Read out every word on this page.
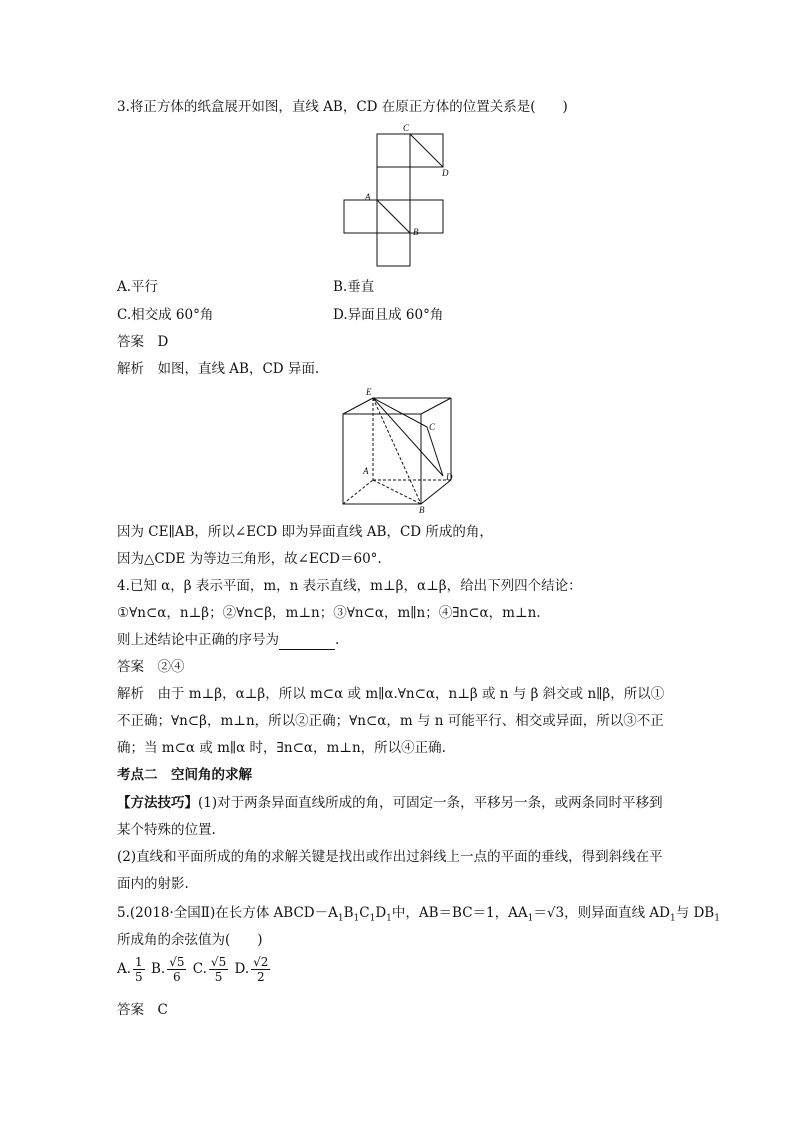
3.将正方体的纸盒展开如图，直线 AB，CD 在原正方体的位置关系是(　　)
C
D
A
B
A.平行	B.垂直
C.相交成 60°角	D.异面且成 60°角
答案　D
解析　如图，直线 AB，CD 异面.
E
C
A
D
B
因为 CE∥AB，所以∠ECD 即为异面直线 AB，CD 所成的角，
因为△CDE 为等边三角形，故∠ECD＝60°.
4.已知 α，β 表示平面，m，n 表示直线，m⊥β，α⊥β，给出下列四个结论：
①∀n⊂α，n⊥β；②∀n⊂β，m⊥n；③∀n⊂α，m∥n；④∃n⊂α，m⊥n.
则上述结论中正确的序号为	.
答案　②④
解析　由于 m⊥β，α⊥β，所以 m⊂α 或 m∥α.∀n⊂α，n⊥β 或 n 与 β 斜交或 n∥β，所以①
不正确；∀n⊂β，m⊥n，所以②正确；∀n⊂α，m 与 n 可能平行、相交或异面，所以③不正
确；当 m⊂α 或 m∥α 时，∃n⊂α，m⊥n，所以④正确.
考点二　空间角的求解
【方法技巧】(1)对于两条异面直线所成的角，可固定一条，平移另一条，或两条同时平移到
某个特殊的位置.
(2)直线和平面所成的角的求解关键是找出或作出过斜线上一点的平面的垂线，得到斜线在平
面内的射影.
5.(2018·全国Ⅱ)在长方体 $ABCD-A_1B_1C_1D_1$中，AB＝BC＝1，$AA_1=√3$，则异面直线 $AD_1$与 $DB_1$
所成角的余弦值为(　　)
A. $\frac{1}{5} B$. $\frac{√5}{6} C$. $\frac{√5}{5} D$. $\frac{√2}{2}$
答案　C
